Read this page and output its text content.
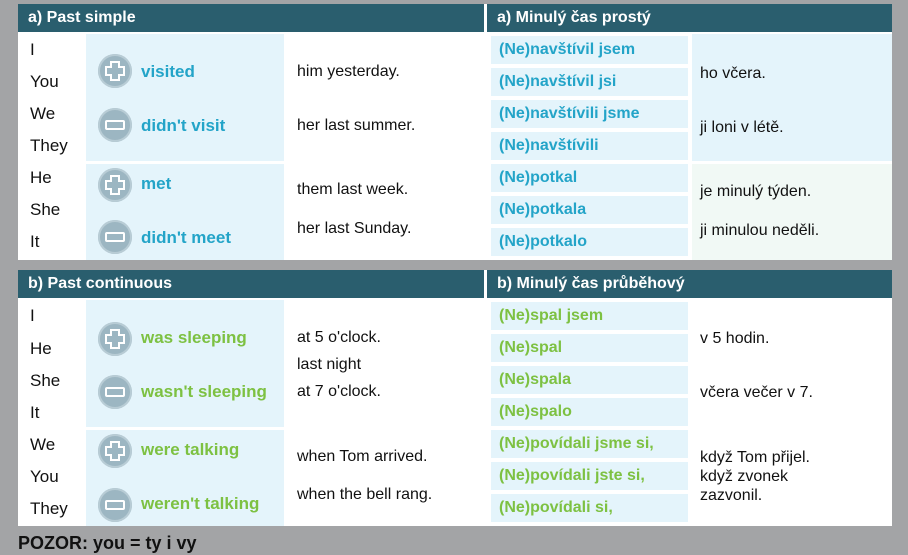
a) Past simple	a) Minulý čas prostý
I
You
We
They
He
She
It
visited
didn't visit
met
didn't meet
him yesterday.
her last summer.
them last week.
her last Sunday.
(Ne)navštívil jsem
(Ne)navštívil jsi
(Ne)navštívili jsme
(Ne)navštívili
(Ne)potkal
(Ne)potkala
(Ne)potkalo
ho včera.
ji loni v létě.
je minulý týden.
ji minulou neděli.
b) Past continuous	b) Minulý čas průběhový
I
He
She
It
We
You
They
was sleeping
wasn't sleeping
were talking
weren't talking
at 5 o'clock.
last night
at 7 o'clock.
when Tom arrived.
when the bell rang.
(Ne)spal jsem
(Ne)spal
(Ne)spala
(Ne)spalo
(Ne)povídali jsme si,
(Ne)povídali jste si,
(Ne)povídali si,
v 5 hodin.
včera večer v 7.
když Tom přijel.
když zvonek
zazvonil.
POZOR: you = ty i vy
